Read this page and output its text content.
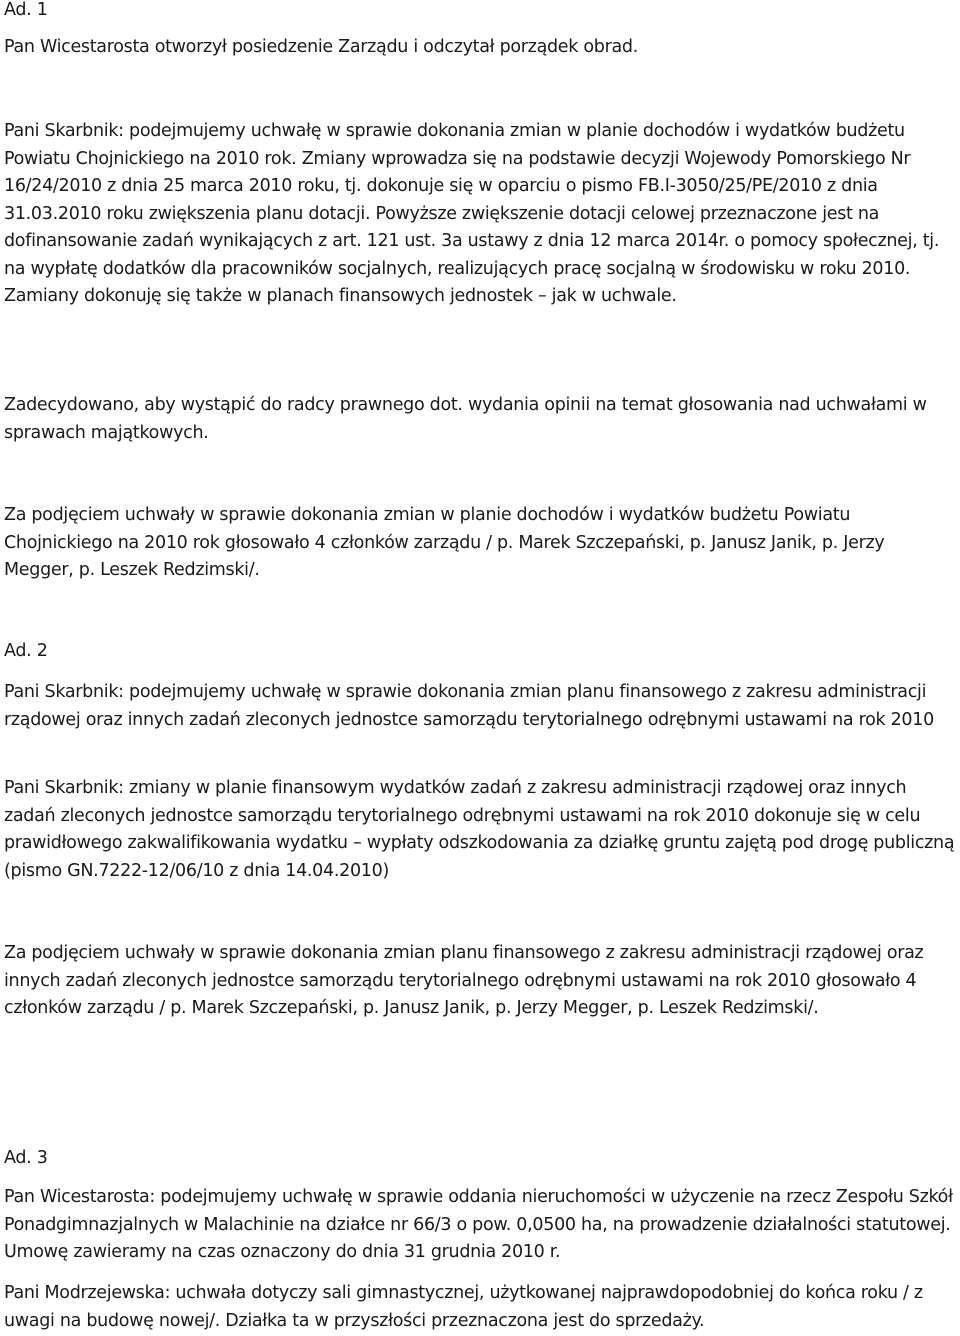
Ad. 1

Pan Wicestarosta otworzył posiedzenie Zarządu i odczytał porządek obrad.

Pani Skarbnik: podejmujemy uchwałę w sprawie dokonania zmian w planie dochodów i wydatków budżetu Powiatu Chojnickiego na 2010 rok. Zmiany wprowadza się na podstawie decyzji Wojewody Pomorskiego Nr 16/24/2010 z dnia 25 marca 2010 roku, tj. dokonuje się w oparciu o pismo FB.I-3050/25/PE/2010 z dnia 31.03.2010 roku zwiększenia planu dotacji. Powyższe zwiększenie dotacji celowej przeznaczone jest na dofinansowanie zadań wynikających z art. 121 ust. 3a ustawy z dnia 12 marca 2014r. o pomocy społecznej, tj. na wypłatę dodatków dla pracowników socjalnych, realizujących pracę socjalną w środowisku w roku 2010. Zamiany dokonuję się także w planach finansowych jednostek – jak w uchwale.

Zadecydowano, aby wystąpić do radcy prawnego dot. wydania opinii na temat głosowania nad uchwałami w sprawach majątkowych.

Za podjęciem uchwały w sprawie dokonania zmian w planie dochodów i wydatków budżetu Powiatu Chojnickiego na 2010 rok głosowało 4 członków zarządu / p. Marek Szczepański, p. Janusz Janik, p. Jerzy Megger, p. Leszek Redzimski/.

Ad. 2

Pani Skarbnik: podejmujemy uchwałę w sprawie dokonania zmian planu finansowego z zakresu administracji rządowej oraz innych zadań zleconych jednostce samorządu terytorialnego odrębnymi ustawami na rok 2010

Pani Skarbnik: zmiany w planie finansowym wydatków zadań z zakresu administracji rządowej oraz innych zadań zleconych jednostce samorządu terytorialnego odrębnymi ustawami na rok 2010 dokonuje się w celu prawidłowego zakwalifikowania wydatku – wypłaty odszkodowania za działkę gruntu zajętą pod drogę publiczną (pismo GN.7222-12/06/10 z dnia 14.04.2010)

Za podjęciem uchwały w sprawie dokonania zmian planu finansowego z zakresu administracji rządowej oraz innych zadań zleconych jednostce samorządu terytorialnego odrębnymi ustawami na rok 2010 głosowało 4 członków zarządu / p. Marek Szczepański, p. Janusz Janik, p. Jerzy Megger, p. Leszek Redzimski/.

Ad. 3

Pan Wicestarosta: podejmujemy uchwałę w sprawie oddania nieruchomości w użyczenie na rzecz Zespołu Szkół Ponadgimnazjalnych w Malachinie na działce nr 66/3 o pow. 0,0500 ha, na prowadzenie działalności statutowej. Umowę zawieramy na czas oznaczony do dnia 31 grudnia 2010 r.

Pani Modrzejewska: uchwała dotyczy sali gimnastycznej, użytkowanej najprawdopodobniej do końca roku / z uwagi na budowę nowej/. Działka ta w przyszłości przeznaczona jest do sprzedaży.
